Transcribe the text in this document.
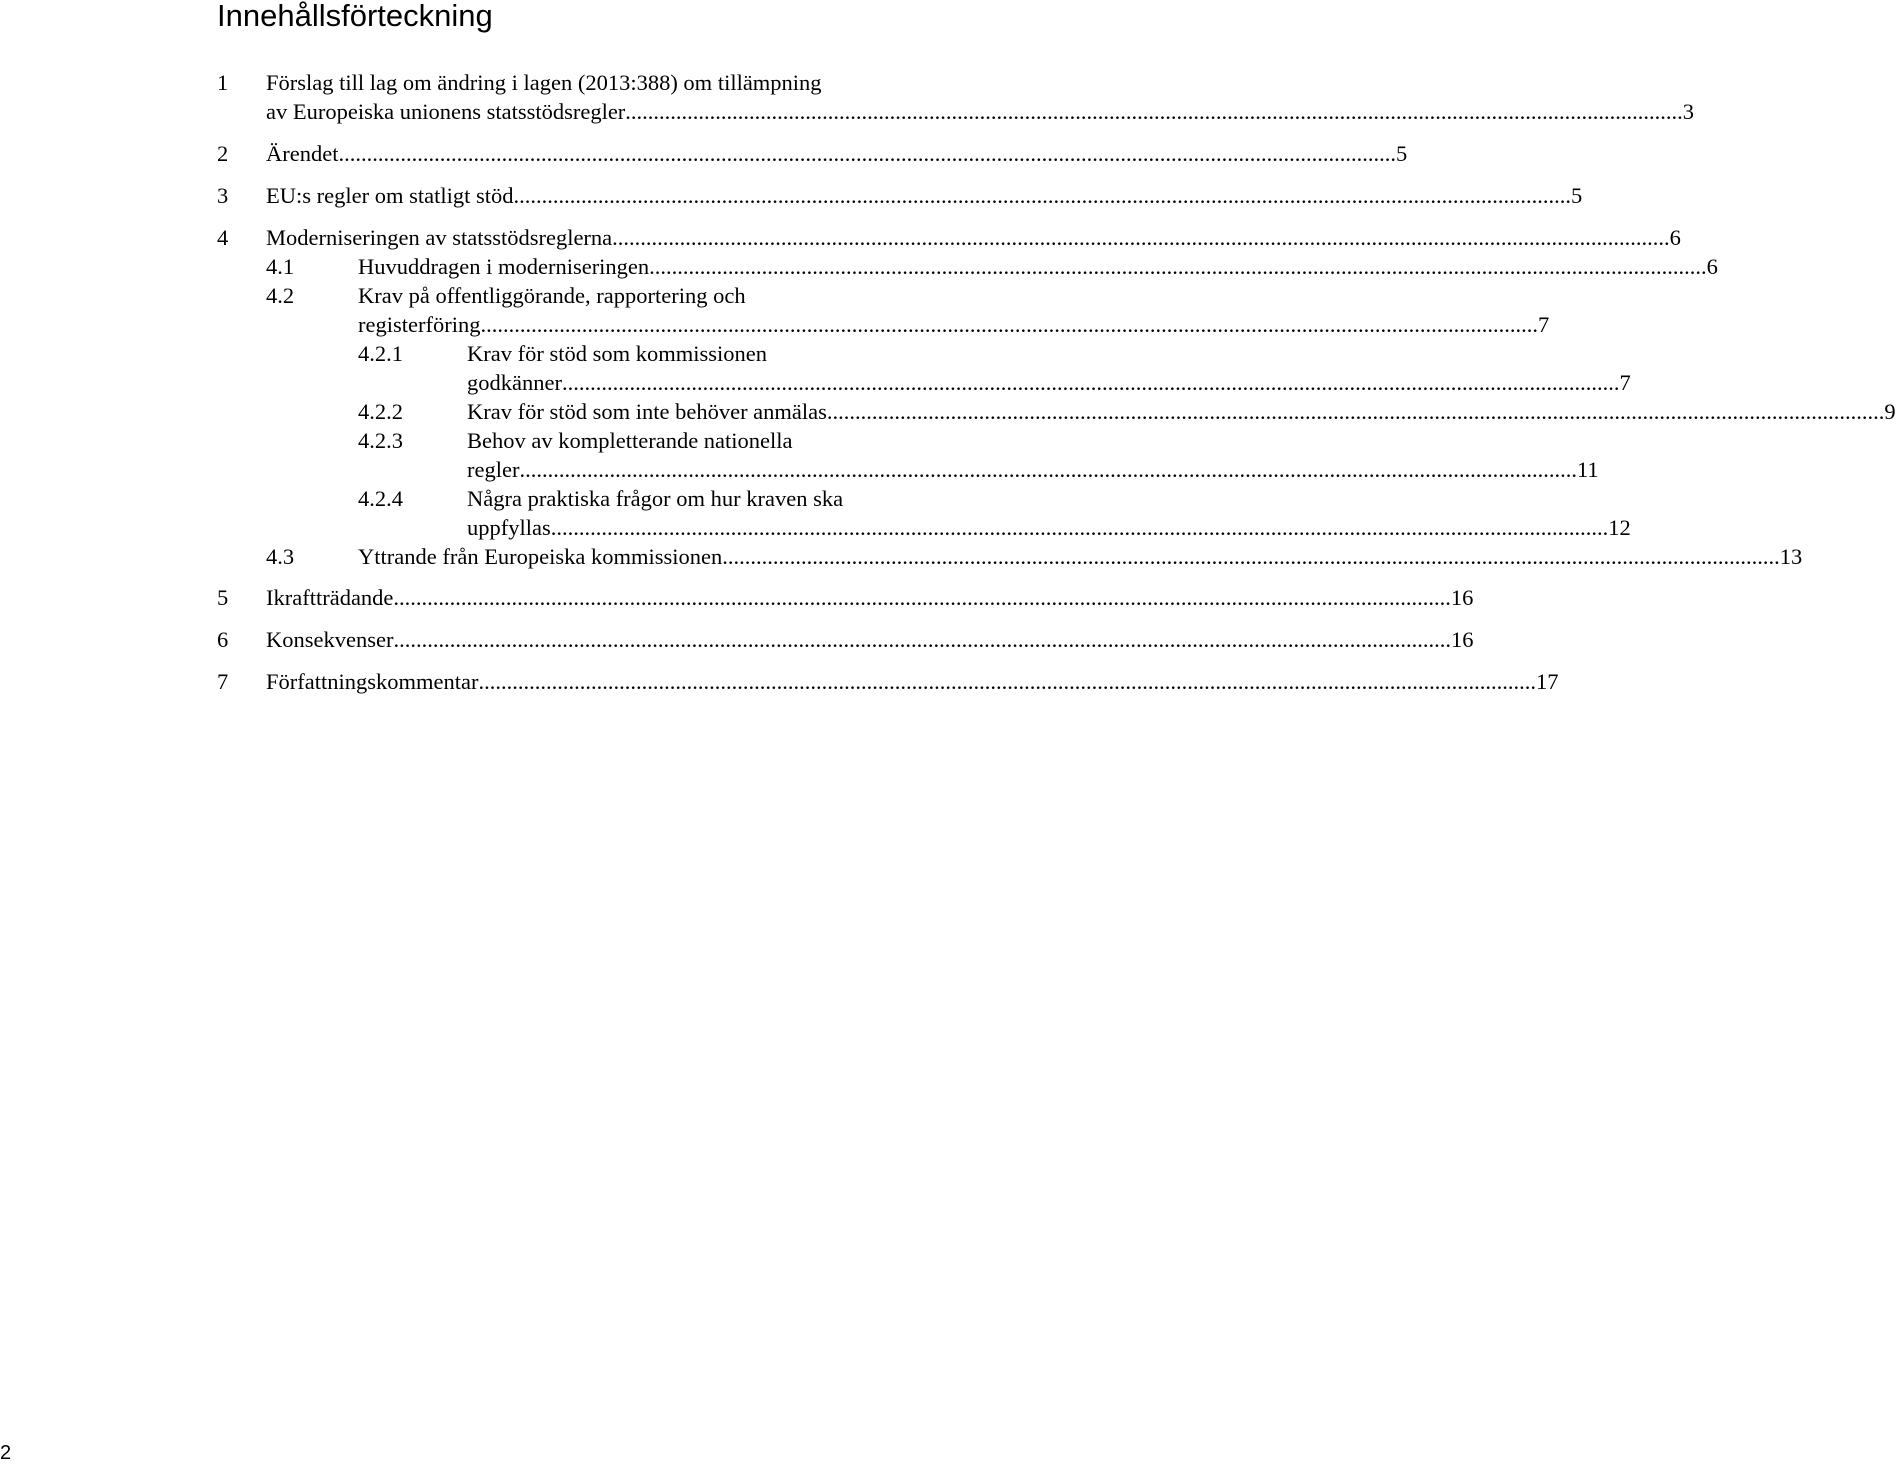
Innehållsförteckning
1 Förslag till lag om ändring i lagen (2013:388) om tillämpning
av Europeiska unionens statsstödsregler ............................................................................................................................................................................................ 3
2 Ärendet ............................................................................................................................................................................................ 5
3 EU:s regler om statligt stöd ............................................................................................................................................................................................ 5
4 Moderniseringen av statsstödsreglerna ............................................................................................................................................................................................ 6
4.1	Huvuddragen i moderniseringen ............................................................................................................................................................................................ 6
4.2	Krav på offentliggörande, rapportering och
registerföring ............................................................................................................................................................................................ 7
4.2.1	Krav för stöd som kommissionen
godkänner ............................................................................................................................................................................................ 7
4.2.2	Krav för stöd som inte behöver anmälas ............................................................................................................................................................................................ 9
4.2.3	Behov av kompletterande nationella
regler ............................................................................................................................................................................................ 11
4.2.4	Några praktiska frågor om hur kraven ska
uppfyllas ............................................................................................................................................................................................ 12
4.3	Yttrande från Europeiska kommissionen ............................................................................................................................................................................................ 13
5 Ikraftträdande ............................................................................................................................................................................................ 16
6 Konsekvenser ............................................................................................................................................................................................ 16
7 Författningskommentar ............................................................................................................................................................................................ 17
2
